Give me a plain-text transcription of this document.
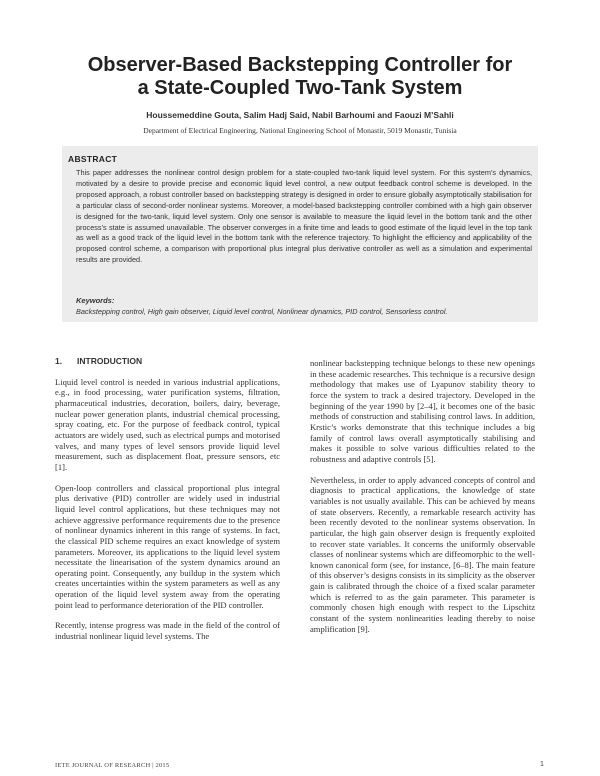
Observer-Based Backstepping Controller for
a State-Coupled Two-Tank System
Houssemeddine Gouta, Salim Hadj Said, Nabil Barhoumi and Faouzi M’Sahli
Department of Electrical Engineering, National Engineering School of Monastir, 5019 Monastir, Tunisia
ABSTRACT
This paper addresses the nonlinear control design problem for a state-coupled two-tank liquid level system. For this system’s dynamics, motivated by a desire to provide precise and economic liquid level control, a new output feedback control scheme is developed. In the proposed approach, a robust controller based on backstepping strategy is designed in order to ensure globally asymptotically stabilisation for a particular class of second-order nonlinear systems. Moreover, a model-based backstepping controller combined with a high gain observer is designed for the two-tank, liquid level system. Only one sensor is available to measure the liquid level in the bottom tank and the other process’s state is assumed unavailable. The observer converges in a finite time and leads to good estimate of the liquid level in the top tank as well as a good track of the liquid level in the bottom tank with the reference trajectory. To highlight the efficiency and applicability of the proposed control scheme, a comparison with proportional plus integral plus derivative controller as well as a simulation and experimental results are provided.
Keywords:
Backstepping control, High gain observer, Liquid level control, Nonlinear dynamics, PID control, Sensorless control.
1. INTRODUCTION

Liquid level control is needed in various industrial applications, e.g., in food processing, water purification systems, filtration, pharmaceutical industries, decoration, boilers, dairy, beverage, nuclear power generation plants, industrial chemical processing, spray coating, etc. For the purpose of feedback control, typical actuators are widely used, such as electrical pumps and motorised valves, and many types of level sensors provide liquid level measurement, such as displacement float, pressure sensors, etc [1].

Open-loop controllers and classical proportional plus integral plus derivative (PID) controller are widely used in industrial liquid level control applications, but these techniques may not achieve aggressive performance requirements due to the presence of nonlinear dynamics inherent in this range of systems. In fact, the classical PID scheme requires an exact knowledge of system parameters. Moreover, its applications to the liquid level system necessitate the linearisation of the system dynamics around an operating point. Consequently, any buildup in the system which creates uncertainties within the system parameters as well as any operation of the liquid level system away from the operating point lead to performance deterioration of the PID controller.

Recently, intense progress was made in the field of the control of industrial nonlinear liquid level systems. The

nonlinear backstepping technique belongs to these new openings in these academic researches. This technique is a recursive design methodology that makes use of Lyapunov stability theory to force the system to track a desired trajectory. Developed in the beginning of the year 1990 by [2–4], it becomes one of the basic methods of construction and stabilising control laws. In addition, Krstic’s works demonstrate that this technique includes a big family of control laws overall asymptotically stabilising and makes it possible to solve various difficulties related to the robustness and adaptive controls [5].

Nevertheless, in order to apply advanced concepts of control and diagnosis to practical applications, the knowledge of state variables is not usually available. This can be achieved by means of state observers. Recently, a remarkable research activity has been recently devoted to the nonlinear systems observation. In particular, the high gain observer design is frequently exploited to recover state variables. It concerns the uniformly observable classes of nonlinear systems which are diffeomorphic to the well-known canonical form (see, for instance, [6–8]. The main feature of this observer’s designs consists in its simplicity as the observer gain is calibrated through the choice of a fixed scalar parameter which is referred to as the gain parameter. This parameter is commonly chosen high enough with respect to the Lipschitz constant of the system nonlinearities leading thereby to noise amplification [9].

IETE JOURNAL OF RESEARCH | 2015	1
